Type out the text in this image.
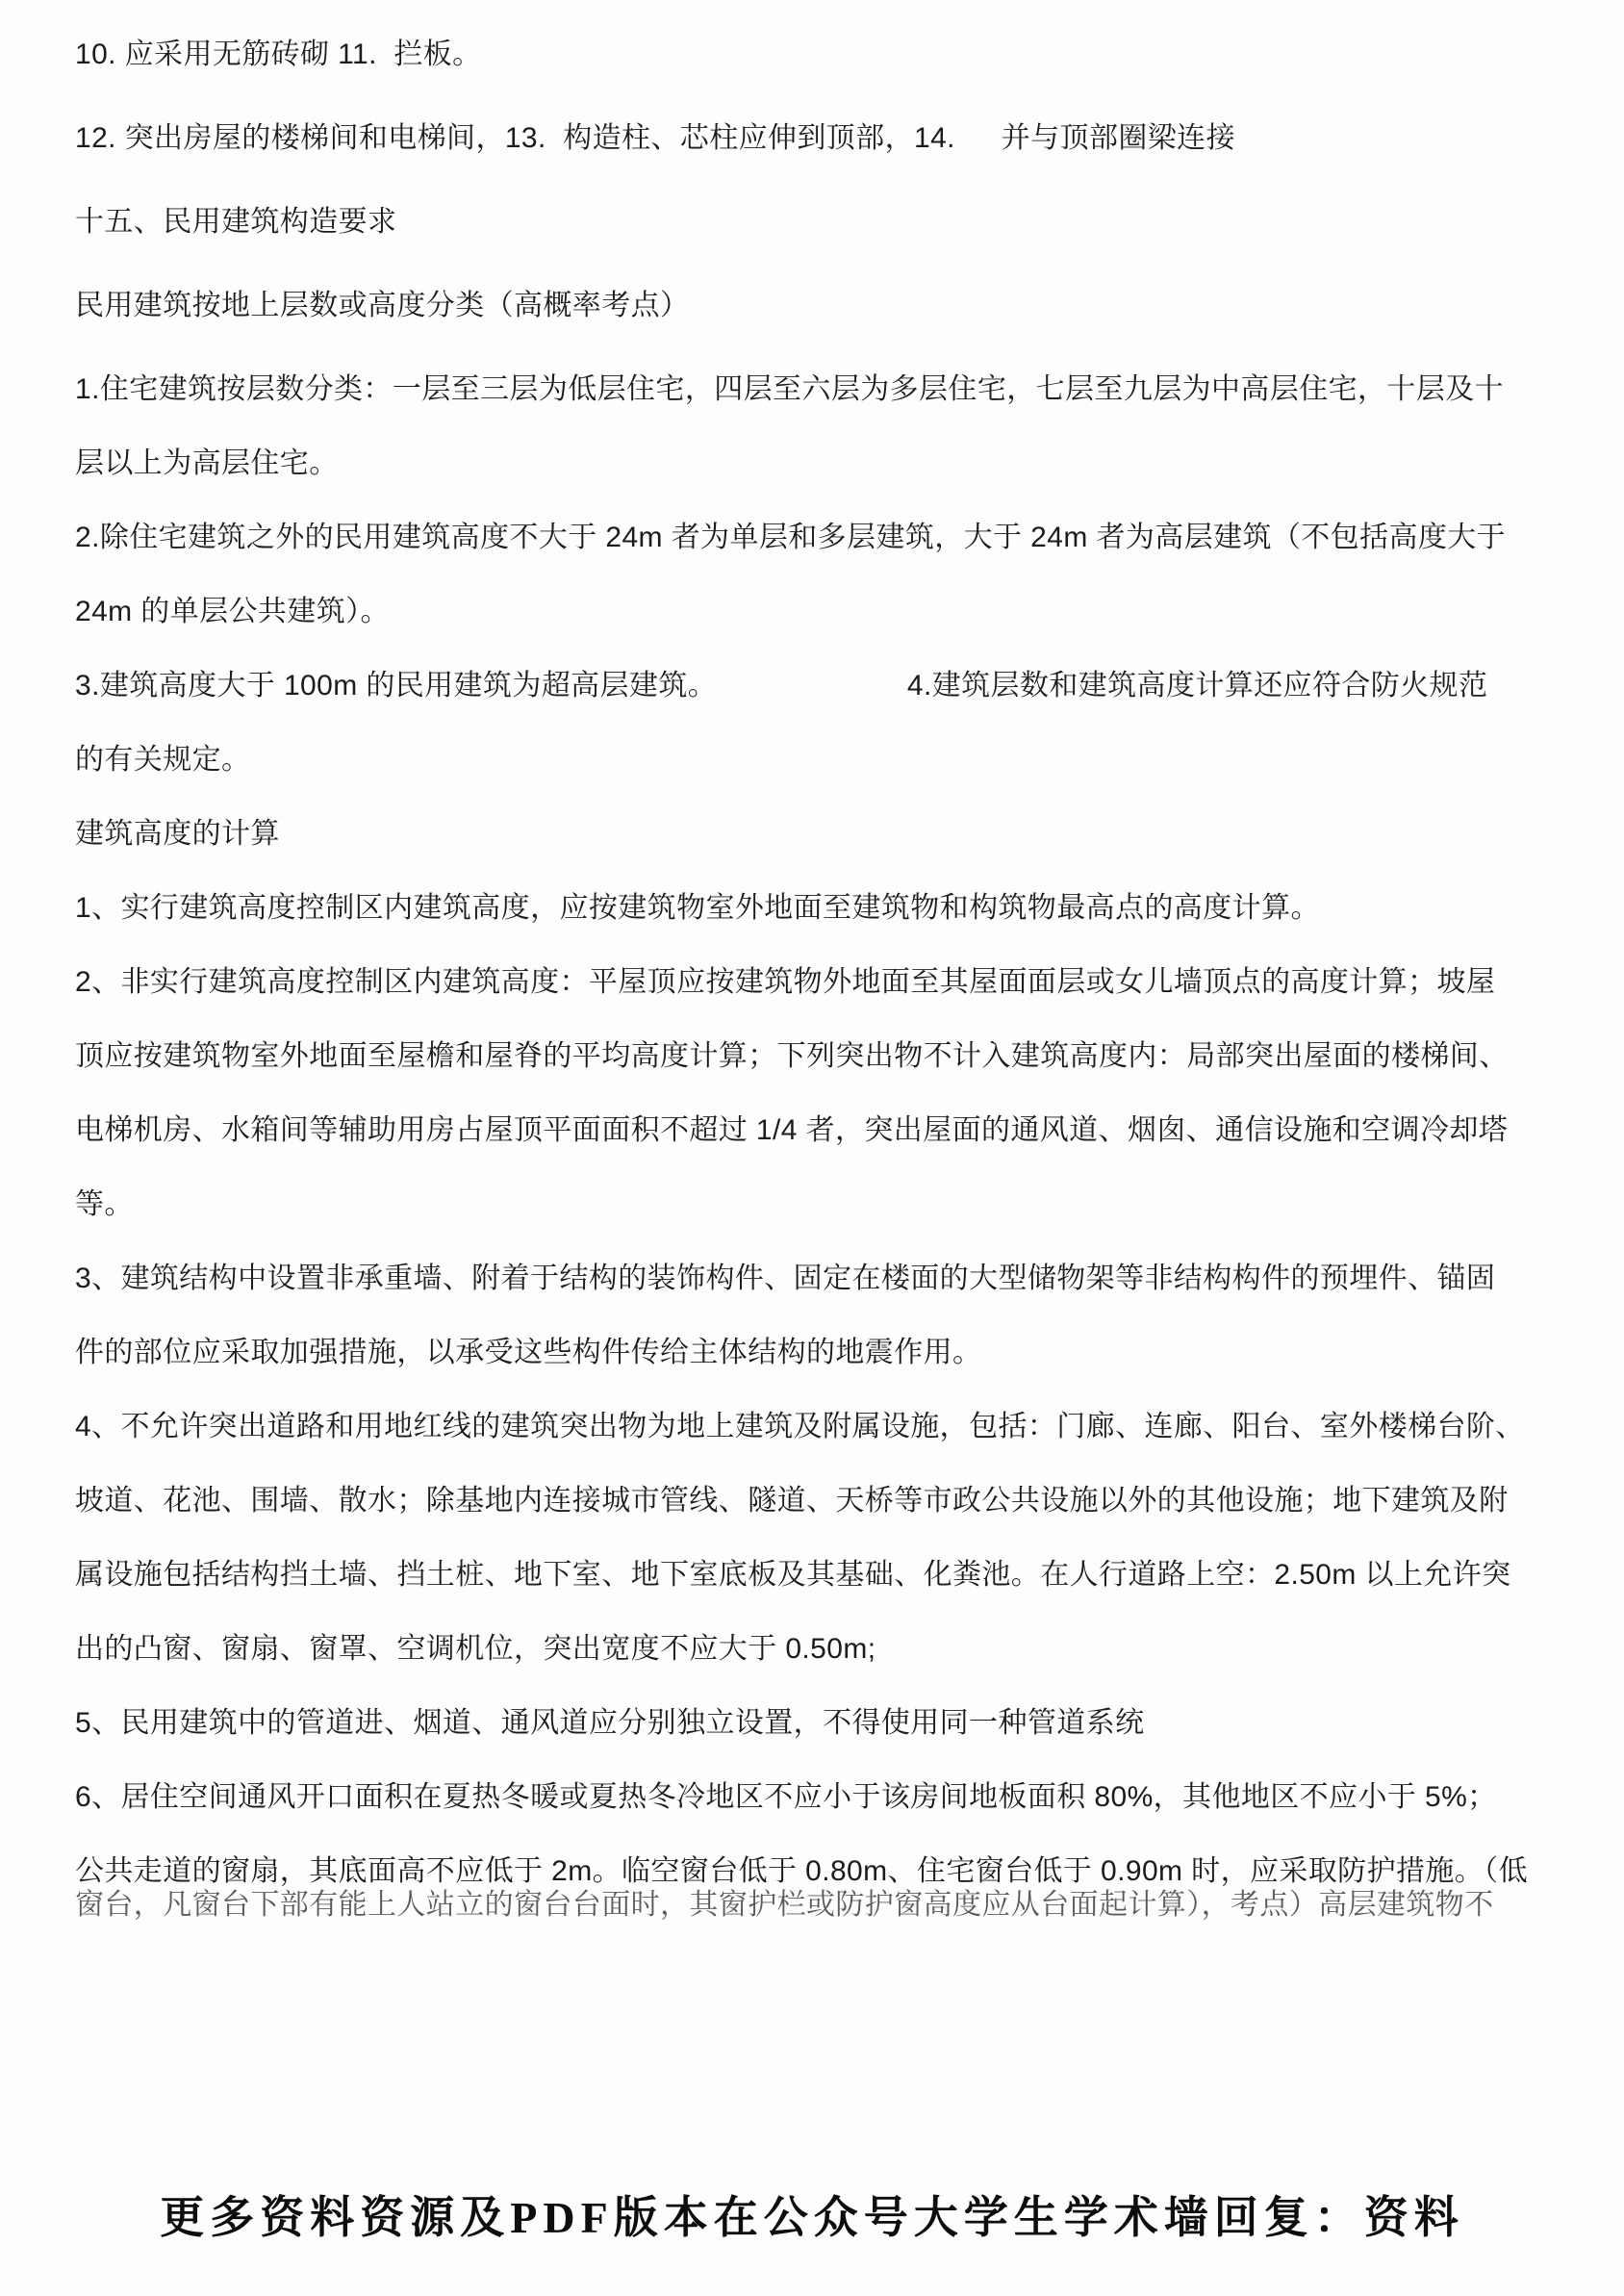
10. 应采用无筋砖砌 11.  拦板。

12. 突出房屋的楼梯间和电梯间，13.  构造柱、芯柱应伸到顶部，14.　  并与顶部圈梁连接

十五、民用建筑构造要求

民用建筑按地上层数或高度分类（高概率考点）

1.住宅建筑按层数分类：一层至三层为低层住宅，四层至六层为多层住宅，七层至九层为中高层住宅，十层及十

层以上为高层住宅。

2.除住宅建筑之外的民用建筑高度不大于 24m 者为单层和多层建筑，大于 24m 者为高层建筑（不包括高度大于

24m 的单层公共建筑）。

3.建筑高度大于 100m 的民用建筑为超高层建筑。　　　　　　　4.建筑层数和建筑高度计算还应符合防火规范

的有关规定。

建筑高度的计算

1、实行建筑高度控制区内建筑高度，应按建筑物室外地面至建筑物和构筑物最高点的高度计算。

2、非实行建筑高度控制区内建筑高度：平屋顶应按建筑物外地面至其屋面面层或女儿墙顶点的高度计算；坡屋

顶应按建筑物室外地面至屋檐和屋脊的平均高度计算；下列突出物不计入建筑高度内：局部突出屋面的楼梯间、

电梯机房、水箱间等辅助用房占屋顶平面面积不超过 1/4 者，突出屋面的通风道、烟囱、通信设施和空调冷却塔

等。

3、建筑结构中设置非承重墙、附着于结构的装饰构件、固定在楼面的大型储物架等非结构构件的预埋件、锚固

件的部位应采取加强措施，以承受这些构件传给主体结构的地震作用。

4、不允许突出道路和用地红线的建筑突出物为地上建筑及附属设施，包括：门廊、连廊、阳台、室外楼梯台阶、

坡道、花池、围墙、散水；除基地内连接城市管线、隧道、天桥等市政公共设施以外的其他设施；地下建筑及附

属设施包括结构挡土墙、挡土桩、地下室、地下室底板及其基础、化粪池。在人行道路上空：2.50m 以上允许突

出的凸窗、窗扇、窗罩、空调机位，突出宽度不应大于 0.50m;

5、民用建筑中的管道进、烟道、通风道应分别独立设置，不得使用同一种管道系统

6、居住空间通风开口面积在夏热冬暖或夏热冬冷地区不应小于该房间地板面积 80%，其他地区不应小于 5%；

公共走道的窗扇，其底面高不应低于 2m。临空窗台低于 0.80m、住宅窗台低于 0.90m 时，应采取防护措施。（低

窗台，凡窗台下部有能上人站立的窗台台面时，其窗护栏或防护窗高度应从台面起计算），考点）高层建筑物不
更多资料资源及PDF版本在公众号大学生学术墙回复：资料
